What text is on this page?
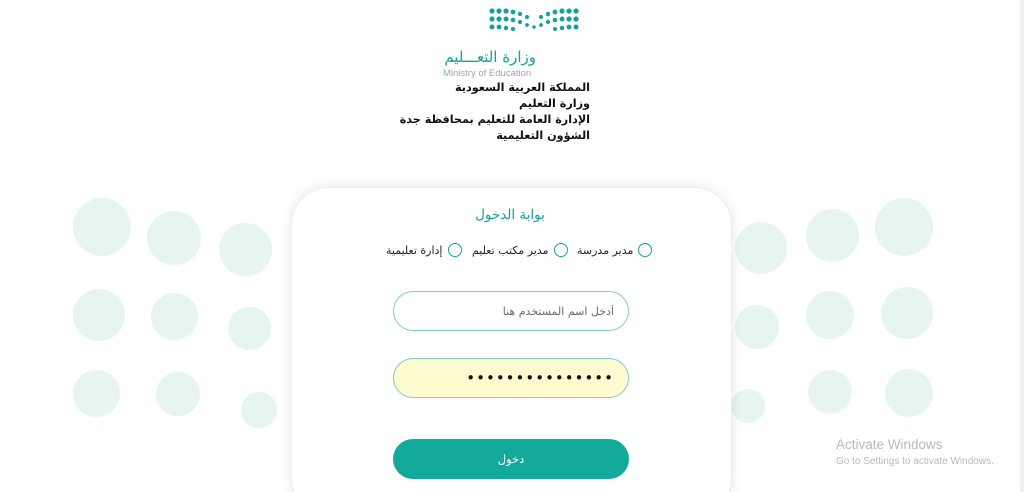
وزارة التعـــليم
Ministry of Education
المملكة العربية السعودية
وزارة التعليم
الإدارة العامة للتعليم بمحافظة جدة
الشؤون التعليمية
بوابة الدخول
مدير مدرسة
مدير مكتب تعليم
إدارة تعليمية
أدخل اسم المستخدم هنا
•••••••••••••••
دخول
Activate Windows
Go to Settings to activate Windows.
